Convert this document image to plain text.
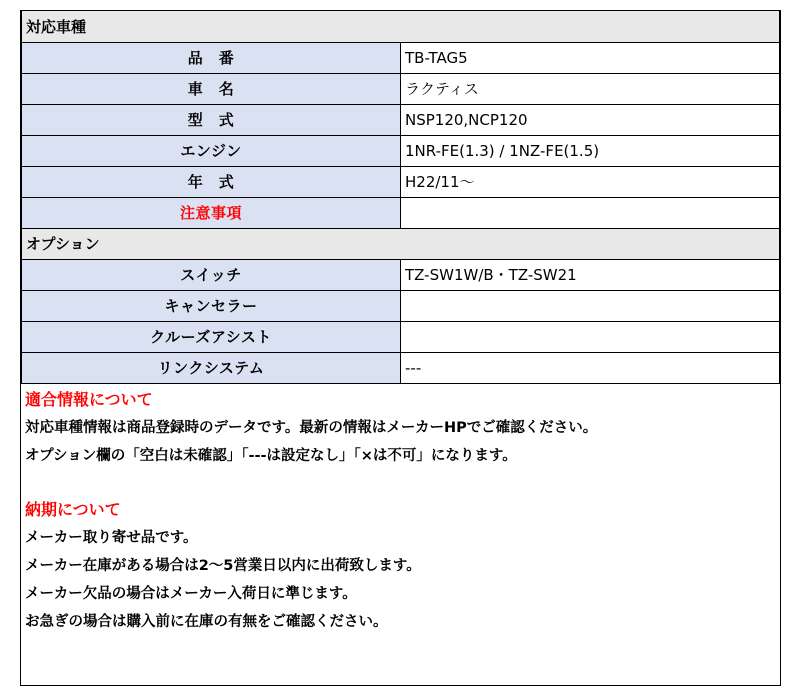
対応車種	
品　番	TB-TAG5
車　名	ラクティス
型　式	NSP120,NCP120
エンジン	1NR-FE(1.3) / 1NZ-FE(1.5)
年　式	H22/11～
注意事項	
オプション	
スイッチ	TZ-SW1W/B・TZ-SW21
キャンセラー	
クルーズアシスト	
リンクシステム	---
適合情報について
対応車種情報は商品登録時のデータです。最新の情報はメーカーHPでご確認ください。
オプション欄の「空白は未確認」「---は設定なし」「×は不可」になります。
納期について
メーカー取り寄せ品です。
メーカー在庫がある場合は2～5営業日以内に出荷致します。
メーカー欠品の場合はメーカー入荷日に準じます。
お急ぎの場合は購入前に在庫の有無をご確認ください。
